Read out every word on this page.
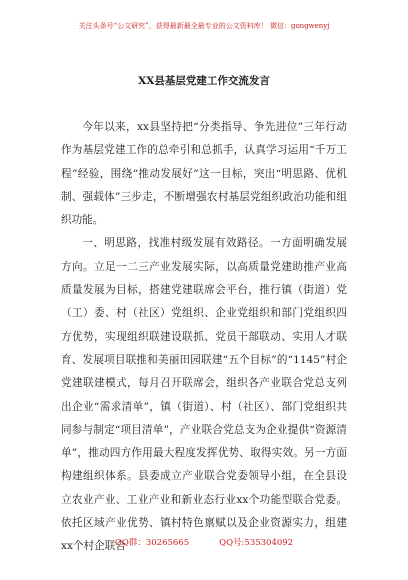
关注头条号“公文研究”，获得最新最全最专业的公文资料库！ 微信：gongwenyj
XX县基层党建工作交流发言

今年以来，xx县坚持把“分类指导、争先进位”三年行动作为基层党建工作的总牵引和总抓手，认真学习运用“千万工程”经验，围绕“推动发展好”这一目标，突出“明思路、优机制、强载体”三步走，不断增强农村基层党组织政治功能和组织功能。

一、明思路，找准村级发展有效路径。一方面明确发展方向。立足一二三产业发展实际，以高质量党建助推产业高质量发展为目标，搭建党建联席会平台，推行镇（街道）党（工）委、村（社区）党组织、企业党组织和部门党组织四方优势，实现组织联建设联抓、党员干部联动、实用人才联育、发展项目联推和美丽田园联建“五个目标”的“1145”村企党建联建模式，每月召开联席会，组织各产业联合党总支列出企业“需求清单”，镇（街道）、村（社区）、部门党组织共同参与制定“项目清单”，产业联合党总支为企业提供“资源清单”，推动四方作用最大程度发挥优势、取得实效。另一方面构建组织体系。县委成立产业联合党委领导小组，在全县设立农业产业、工业产业和新业态行业xx个功能型联合党委。依托区域产业优势、镇村特色禀赋以及企业资源实力，组建xx个村企联合

QQ群：30265665	QQ号:535304092
